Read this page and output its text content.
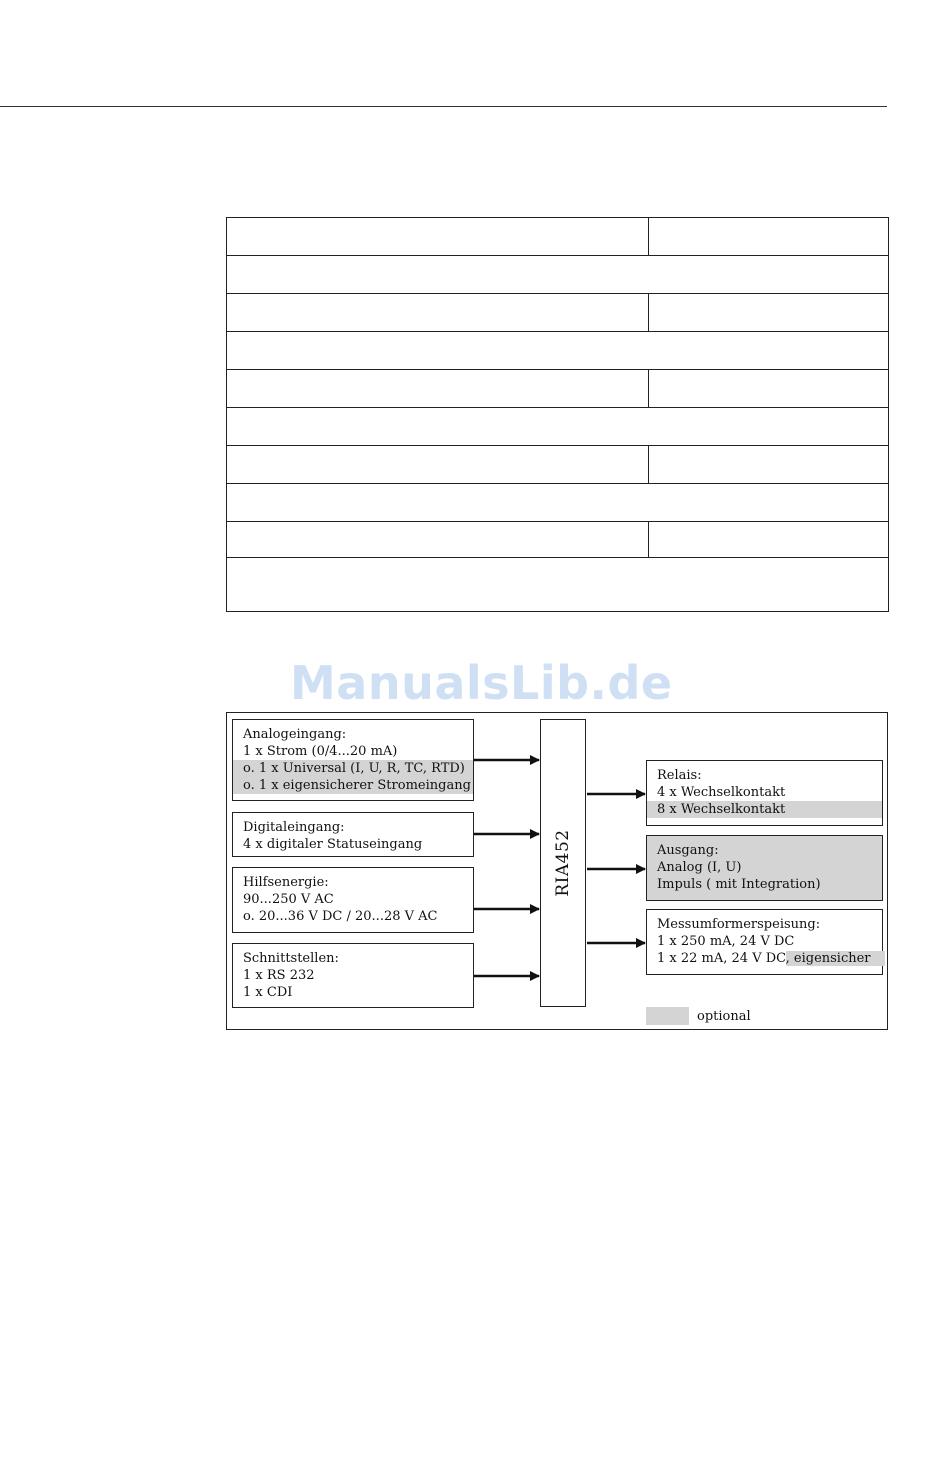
ManualsLib.de
Analogeingang:
1 x Strom (0/4...20 mA)
o. 1 x Universal (I, U, R, TC, RTD)
o. 1 x eigensicherer Stromeingang
Digitaleingang:
4 x digitaler Statuseingang
Hilfsenergie:
90...250 V AC
o. 20...36 V DC / 20...28 V AC
Schnittstellen:
1 x RS 232
1 x CDI
RIA452
Relais:
4 x Wechselkontakt
8 x Wechselkontakt
Ausgang:
Analog (I, U)
Impuls ( mit Integration)
Messumformerspeisung:
1 x 250 mA, 24 V DC
1 x 22 mA, 24 V DC, eigensicher
optional
